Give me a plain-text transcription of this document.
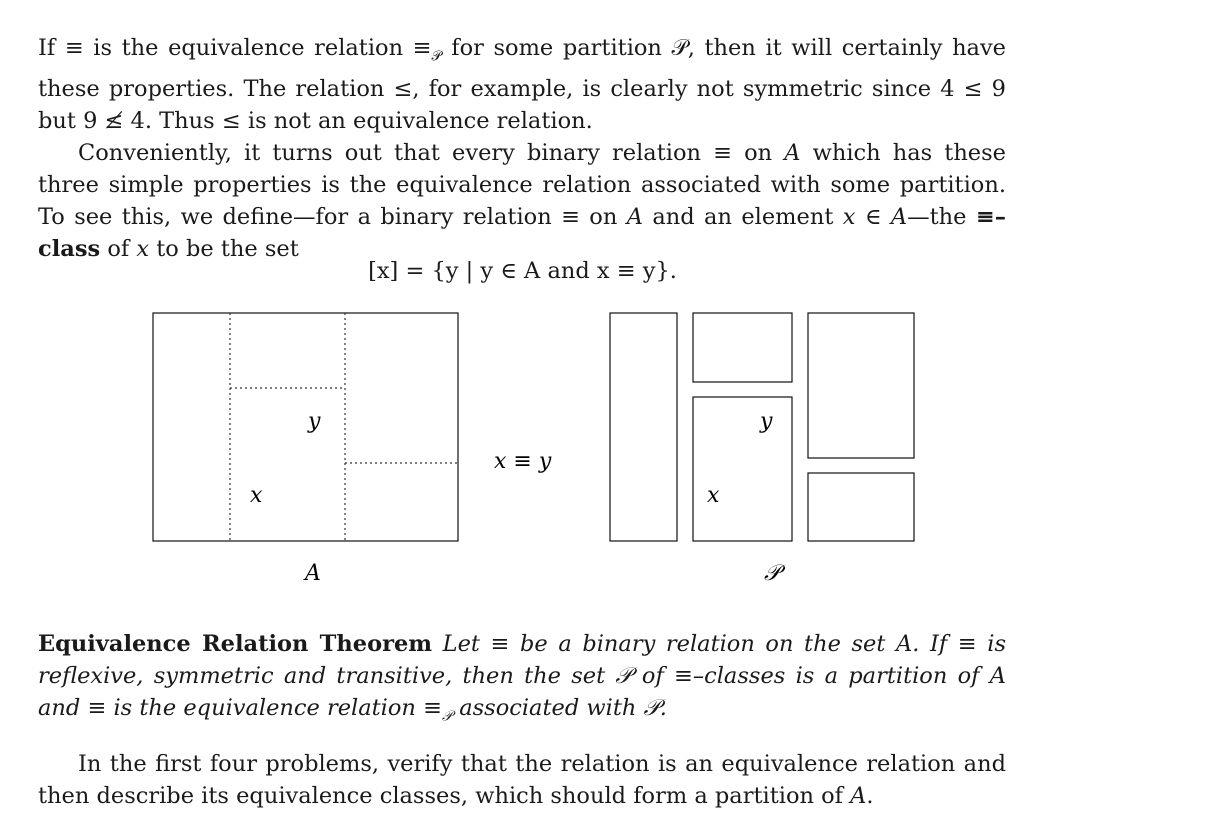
If ≡ is the equivalence relation $\equiv_𝒫$ for some partition 𝒫, then it will certainly have these properties. The relation ≤, for example, is clearly not symmetric since 4 ≤ 9 but 9 ≰ 4. Thus ≤ is not an equivalence relation.

Conveniently, it turns out that every binary relation ≡ on A which has these three simple properties is the equivalence relation associated with some partition. To see this, we define—for a binary relation ≡ on A and an element x ∈ A—the ≡–class of x to be the set

[x] = {y | y ∈ A and x ≡ y}.
y
x
A
x ≡ y
y
x
𝒫
Equivalence Relation Theorem Let ≡ be a binary relation on the set A. If ≡ is reflexive, symmetric and transitive, then the set 𝒫 of ≡–classes is a partition of A and ≡ is the equivalence relation $\equiv_𝒫$ associated with 𝒫.
In the first four problems, verify that the relation is an equivalence relation and then describe its equivalence classes, which should form a partition of A.
